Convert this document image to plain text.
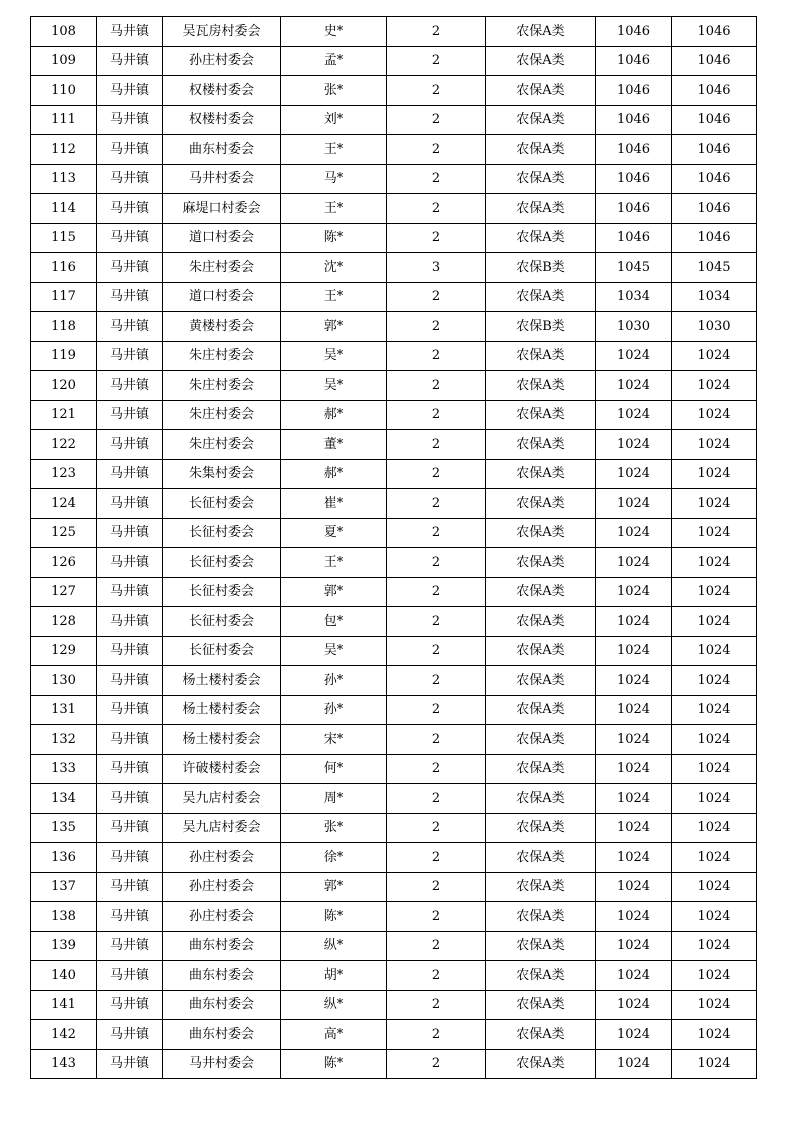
108	马井镇	吴瓦房村委会	史*	2	农保A类	1046	1046
109	马井镇	孙庄村委会	孟*	2	农保A类	1046	1046
110	马井镇	权楼村委会	张*	2	农保A类	1046	1046
111	马井镇	权楼村委会	刘*	2	农保A类	1046	1046
112	马井镇	曲东村委会	王*	2	农保A类	1046	1046
113	马井镇	马井村委会	马*	2	农保A类	1046	1046
114	马井镇	麻堤口村委会	王*	2	农保A类	1046	1046
115	马井镇	道口村委会	陈*	2	农保A类	1046	1046
116	马井镇	朱庄村委会	沈*	3	农保B类	1045	1045
117	马井镇	道口村委会	王*	2	农保A类	1034	1034
118	马井镇	黄楼村委会	郭*	2	农保B类	1030	1030
119	马井镇	朱庄村委会	吴*	2	农保A类	1024	1024
120	马井镇	朱庄村委会	吴*	2	农保A类	1024	1024
121	马井镇	朱庄村委会	郝*	2	农保A类	1024	1024
122	马井镇	朱庄村委会	董*	2	农保A类	1024	1024
123	马井镇	朱集村委会	郝*	2	农保A类	1024	1024
124	马井镇	长征村委会	崔*	2	农保A类	1024	1024
125	马井镇	长征村委会	夏*	2	农保A类	1024	1024
126	马井镇	长征村委会	王*	2	农保A类	1024	1024
127	马井镇	长征村委会	郭*	2	农保A类	1024	1024
128	马井镇	长征村委会	包*	2	农保A类	1024	1024
129	马井镇	长征村委会	吴*	2	农保A类	1024	1024
130	马井镇	杨土楼村委会	孙*	2	农保A类	1024	1024
131	马井镇	杨土楼村委会	孙*	2	农保A类	1024	1024
132	马井镇	杨土楼村委会	宋*	2	农保A类	1024	1024
133	马井镇	许破楼村委会	何*	2	农保A类	1024	1024
134	马井镇	吴九店村委会	周*	2	农保A类	1024	1024
135	马井镇	吴九店村委会	张*	2	农保A类	1024	1024
136	马井镇	孙庄村委会	徐*	2	农保A类	1024	1024
137	马井镇	孙庄村委会	郭*	2	农保A类	1024	1024
138	马井镇	孙庄村委会	陈*	2	农保A类	1024	1024
139	马井镇	曲东村委会	纵*	2	农保A类	1024	1024
140	马井镇	曲东村委会	胡*	2	农保A类	1024	1024
141	马井镇	曲东村委会	纵*	2	农保A类	1024	1024
142	马井镇	曲东村委会	高*	2	农保A类	1024	1024
143	马井镇	马井村委会	陈*	2	农保A类	1024	1024
